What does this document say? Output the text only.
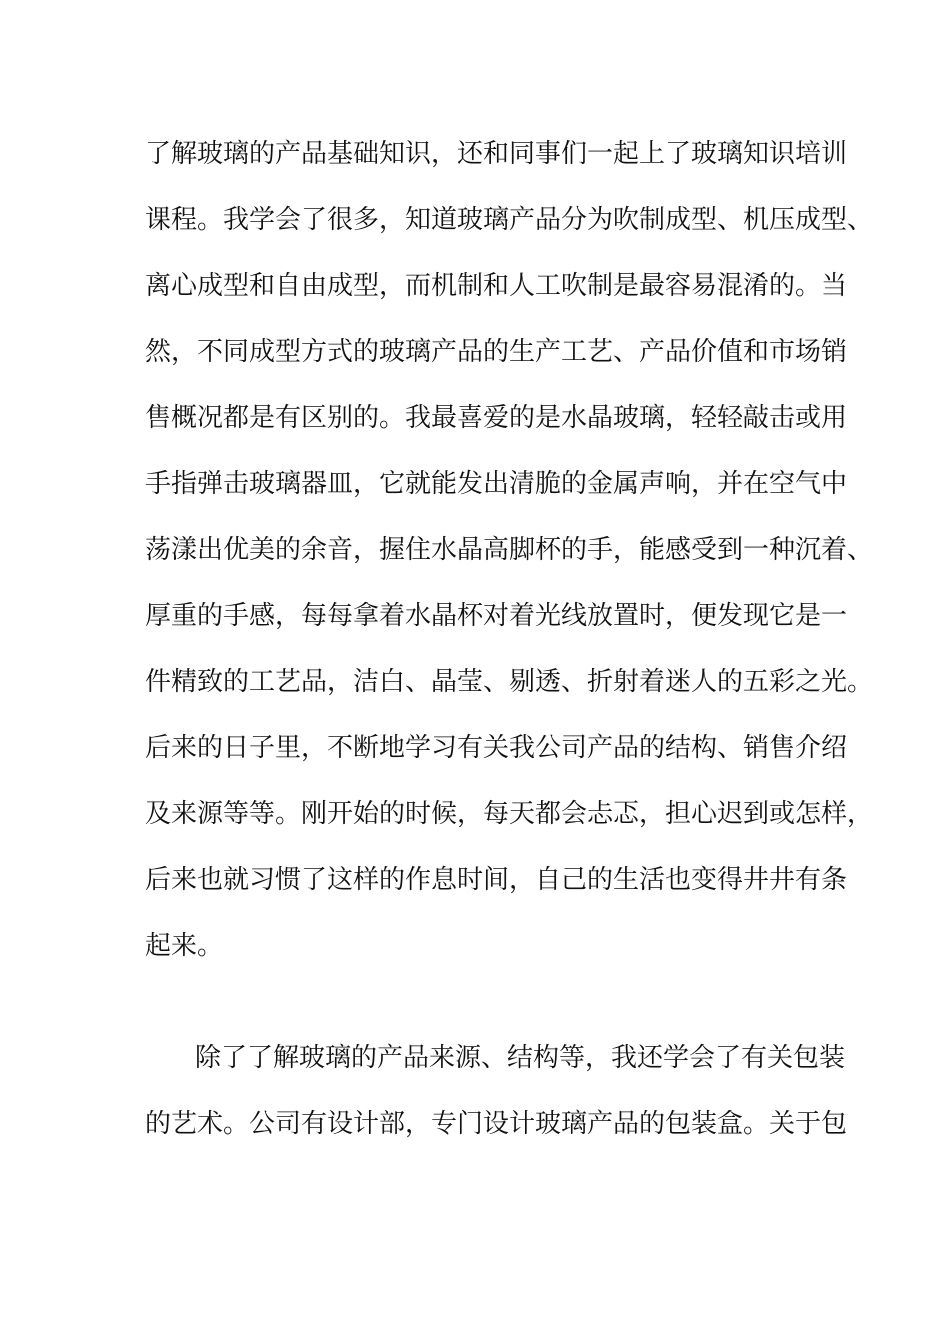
了解玻璃的产品基础知识，还和同事们一起上了玻璃知识培训
课程。我学会了很多，知道玻璃产品分为吹制成型、机压成型、
离心成型和自由成型，而机制和人工吹制是最容易混淆的。当
然，不同成型方式的玻璃产品的生产工艺、产品价值和市场销
售概况都是有区别的。我最喜爱的是水晶玻璃，轻轻敲击或用
手指弹击玻璃器皿，它就能发出清脆的金属声响，并在空气中
荡漾出优美的余音，握住水晶高脚杯的手，能感受到一种沉着、
厚重的手感，每每拿着水晶杯对着光线放置时，便发现它是一
件精致的工艺品，洁白、晶莹、剔透、折射着迷人的五彩之光。
后来的日子里，不断地学习有关我公司产品的结构、销售介绍
及来源等等。刚开始的时候，每天都会忐忑，担心迟到或怎样，
后来也就习惯了这样的作息时间，自己的生活也变得井井有条
起来。
除了了解玻璃的产品来源、结构等，我还学会了有关包装
的艺术。公司有设计部，专门设计玻璃产品的包装盒。关于包
